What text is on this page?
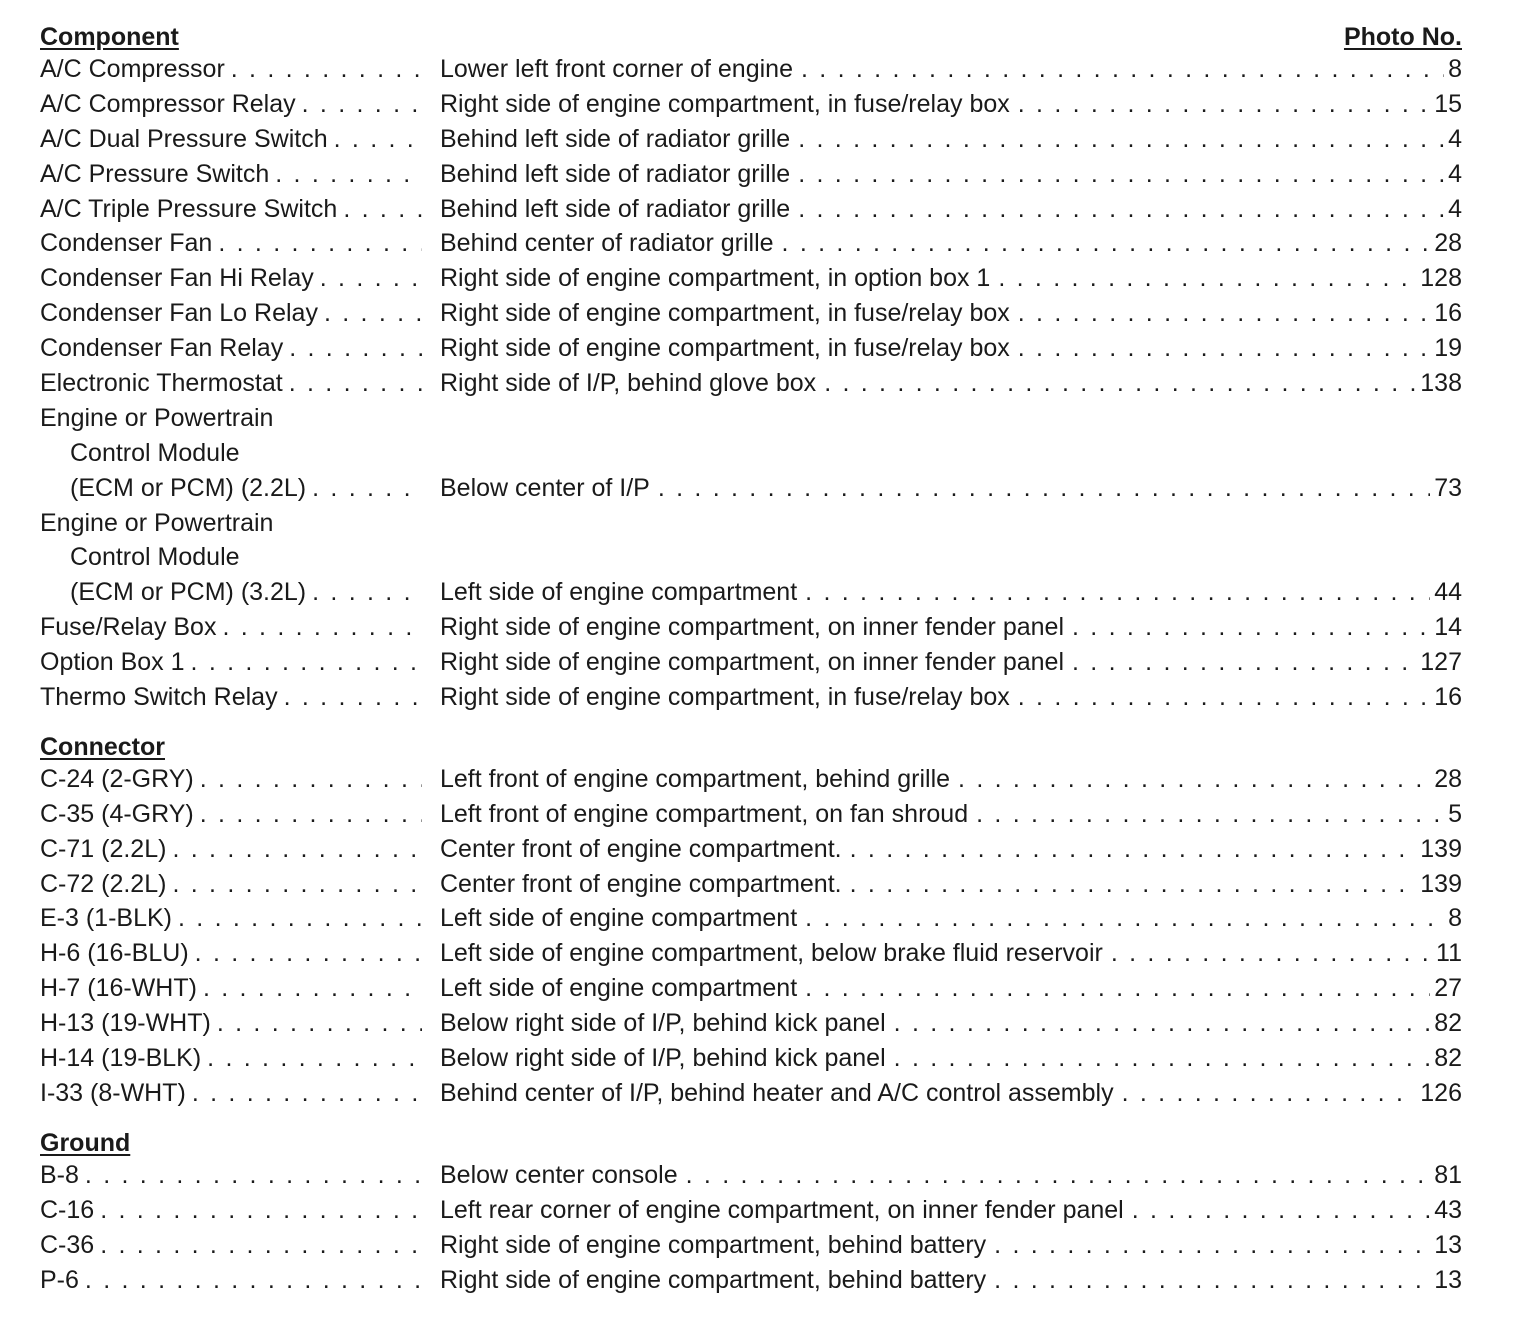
Component	Photo No.
A/C Compressor . . .	Lower left front corner of engine . . .	8
A/C Compressor Relay . . .	Right side of engine compartment, in fuse/relay box . . .	15
A/C Dual Pressure Switch . . .	Behind left side of radiator grille . . .	4
A/C Pressure Switch . . .	Behind left side of radiator grille . . .	4
A/C Triple Pressure Switch . . .	Behind left side of radiator grille . . .	4
Condenser Fan . . .	Behind center of radiator grille . . .	28
Condenser Fan Hi Relay . . .	Right side of engine compartment, in option box 1 . . .	128
Condenser Fan Lo Relay . . .	Right side of engine compartment, in fuse/relay box . . .	16
Condenser Fan Relay . . .	Right side of engine compartment, in fuse/relay box . . .	19
Electronic Thermostat . . .	Right side of I/P, behind glove box . . .	138
Engine or Powertrain
Control Module
(ECM or PCM) (2.2L) . . .	Below center of I/P . . .	73
Engine or Powertrain
Control Module
(ECM or PCM) (3.2L) . . .	Left side of engine compartment . . .	44
Fuse/Relay Box . . .	Right side of engine compartment, on inner fender panel . . .	14
Option Box 1 . . .	Right side of engine compartment, on inner fender panel . . .	127
Thermo Switch Relay . . .	Right side of engine compartment, in fuse/relay box . . .	16
Connector
C-24 (2-GRY) . . .	Left front of engine compartment, behind grille . . .	28
C-35 (4-GRY) . . .	Left front of engine compartment, on fan shroud . . .	5
C-71 (2.2L) . . .	Center front of engine compartment. . . .	139
C-72 (2.2L) . . .	Center front of engine compartment. . . .	139
E-3 (1-BLK) . . .	Left side of engine compartment . . .	8
H-6 (16-BLU) . . .	Left side of engine compartment, below brake fluid reservoir . . .	11
H-7 (16-WHT) . . .	Left side of engine compartment . . .	27
H-13 (19-WHT) . . .	Below right side of I/P, behind kick panel . . .	82
H-14 (19-BLK) . . .	Below right side of I/P, behind kick panel . . .	82
I-33 (8-WHT) . . .	Behind center of I/P, behind heater and A/C control assembly . . .	126
Ground
B-8 . . .	Below center console . . .	81
C-16 . . .	Left rear corner of engine compartment, on inner fender panel . . .	43
C-36 . . .	Right side of engine compartment, behind battery . . .	13
P-6 . . .	Right side of engine compartment, behind battery . . .	13
